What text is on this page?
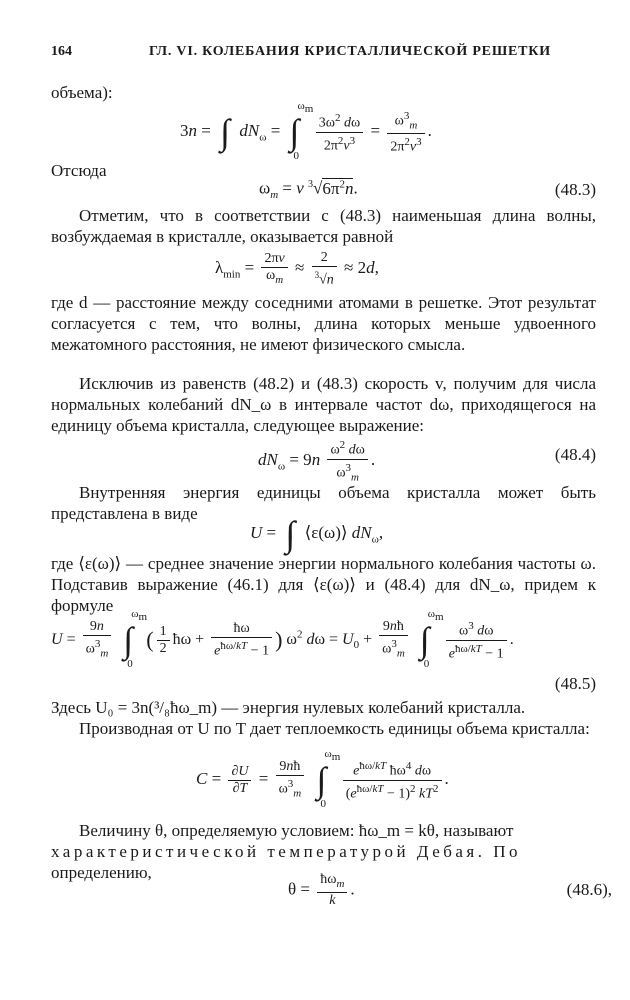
164	ГЛ. VI. КОЛЕБАНИЯ КРИСТАЛЛИЧЕСКОЙ РЕШЕТКИ
объема):
3n = ∫ $dN_\omega$ = ∫
$\omega_m$
0

$\frac{3\omega^2 d\omega}{2\pi^2v^3} = \frac{\omega^3_m}{2\pi^2v^3}$ .
Отсюда
$\omega_m = v$ $^3√6\pi^2n$.	(48.3)
Отметим, что в соответствии с (48.3) наименьшая длина волны, возбуждаемая в кристалле, оказывается равной
$\lambda_{min} = \frac{2\pi v}{\omega_m} \approx \frac{2}{^3√n} \approx 2d$,
где d — расстояние между соседними атомами в решетке. Этот результат согласуется с тем, что волны, длина которых меньше удвоенного межатомного расстояния, не имеют физического смысла.
Исключив из равенств (48.2) и (48.3) скорость v, получим для числа нормальных колебаний dN_ω в интервале частот dω, приходящегося на единицу объема кристалла, следующее выражение:
$dN_\omega = 9n \frac{\omega^2 d\omega}{\omega^3_m}$ .	(48.4)
Внутренняя энергия единицы объема кристалла может быть представлена в виде
U = ∫ ⟨ε(ω)⟩ $dN_\omega$,
где ⟨ε(ω)⟩ — среднее значение энергии нормального колебания частоты ω. Подставив выражение (46.1) для ⟨ε(ω)⟩ и (48.4) для dN_ω, придем к формуле
$U = \frac{9n}{\omega^3_m}$
∫
$\omega_m$
0
( $\frac{1}{2}$ ħω + $\frac{ħ\omega}{e^{ħ\omega/kT} - 1}$ ) $\omega^2$ $d\omega = U_0 + \frac{9nħ}{\omega^3_m}$
∫
$\omega_m$
0

$\frac{\omega^3 d\omega}{e^{ħ\omega/kT} - 1}$ .
(48.5)
Здесь U₀ = 3n(³/₈ħω_m) — энергия нулевых колебаний кристалла.
Производная от U по T дает теплоемкость единицы объема кристалла:
$C = \frac{\partial U}{\partial T} = \frac{9nħ}{\omega^3_m}$
∫
$\omega_m$
0

$\frac{e^{ħ\omega/kT} ħ\omega^4 d\omega}{(e^{ħ\omega/kT} - 1)^2 kT^2}$ .
Величину θ, определяемую условием: ħω_m = kθ, называют
характеристической температурой Дебая. По
определению,
$\theta = \frac{ħ\omega_m}{k}$ .	(48.6),
